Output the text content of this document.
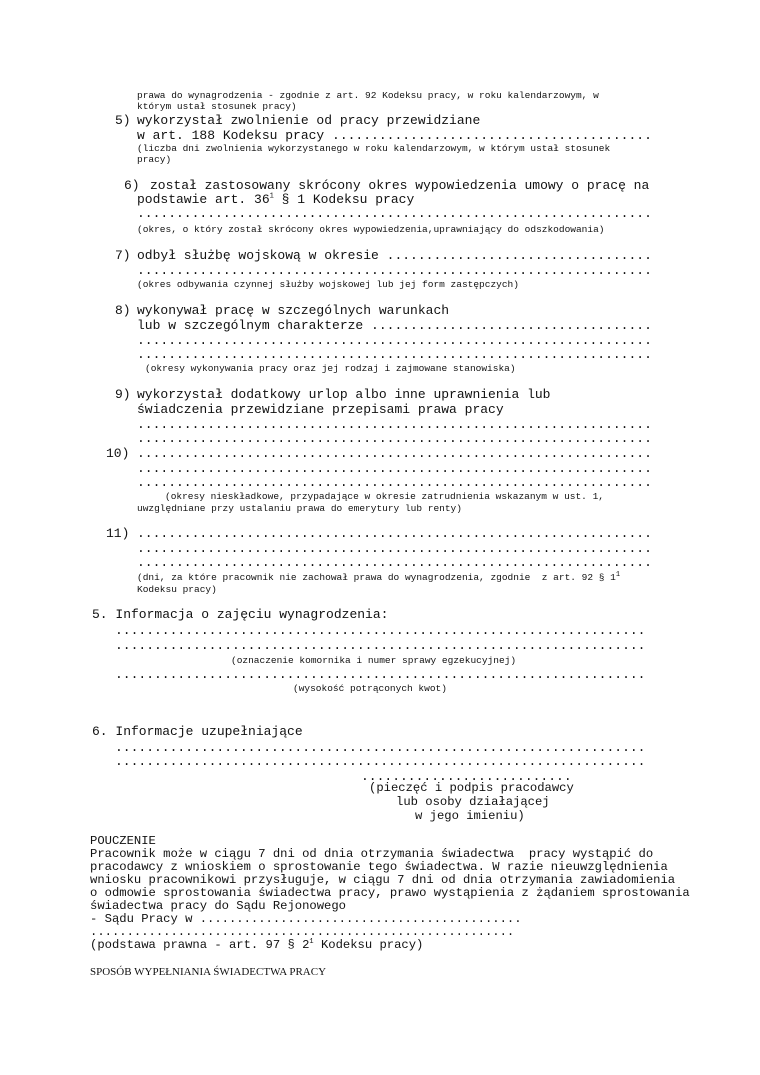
prawa do wynagrodzenia - zgodnie z art. 92 Kodeksu pracy, w roku kalendarzowym, w
którym ustał stosunek pracy)
5) wykorzystał zwolnienie od pracy przewidziane
w art. 188 Kodeksu pracy .........................................
(liczba dni zwolnienia wykorzystanego w roku kalendarzowym, w którym ustał stosunek
pracy)
6) został zastosowany skrócony okres wypowiedzenia umowy o pracę na
podstawie art. $36^1$ § 1 Kodeksu pracy
..................................................................
(okres, o który został skrócony okres wypowiedzenia,uprawniający do odszkodowania)
7) odbył służbę wojskową w okresie ..................................
..................................................................
(okres odbywania czynnej służby wojskowej lub jej form zastępczych)
8) wykonywał pracę w szczególnych warunkach
lub w szczególnym charakterze ....................................
..................................................................
..................................................................
(okresy wykonywania pracy oraz jej rodzaj i zajmowane stanowiska)
9) wykorzystał dodatkowy urlop albo inne uprawnienia lub
świadczenia przewidziane przepisami prawa pracy
..................................................................
..................................................................
10) ..................................................................
..................................................................
..................................................................
(okresy nieskładkowe, przypadające w okresie zatrudnienia wskazanym w ust. 1,
uwzględniane przy ustalaniu prawa do emerytury lub renty)
11) ..................................................................
..................................................................
..................................................................
(dni, za które pracownik nie zachował prawa do wynagrodzenia, zgodnie  z art. 92 § $1^1$
Kodeksu pracy)
5. Informacja o zajęciu wynagrodzenia:
....................................................................
....................................................................
(oznaczenie komornika i numer sprawy egzekucyjnej)
....................................................................
(wysokość potrąconych kwot)
6. Informacje uzupełniające
....................................................................
....................................................................
...........................
(pieczęć i podpis pracodawcy
lub osoby działającej
w jego imieniu)
POUCZENIE
Pracownik może w ciągu 7 dni od dnia otrzymania świadectwa  pracy wystąpić do
pracodawcy z wnioskiem o sprostowanie tego świadectwa. W razie nieuwzględnienia
wniosku pracownikowi przysługuje, w ciągu 7 dni od dnia otrzymania zawiadomienia
o odmowie sprostowania świadectwa pracy, prawo wystąpienia z żądaniem sprostowania
świadectwa pracy do Sądu Rejonowego
- Sądu Pracy w ............................................
..........................................................
(podstawa prawna - art. 97 § $2^1$ Kodeksu pracy)
SPOSÓB WYPEŁNIANIA ŚWIADECTWA PRACY
